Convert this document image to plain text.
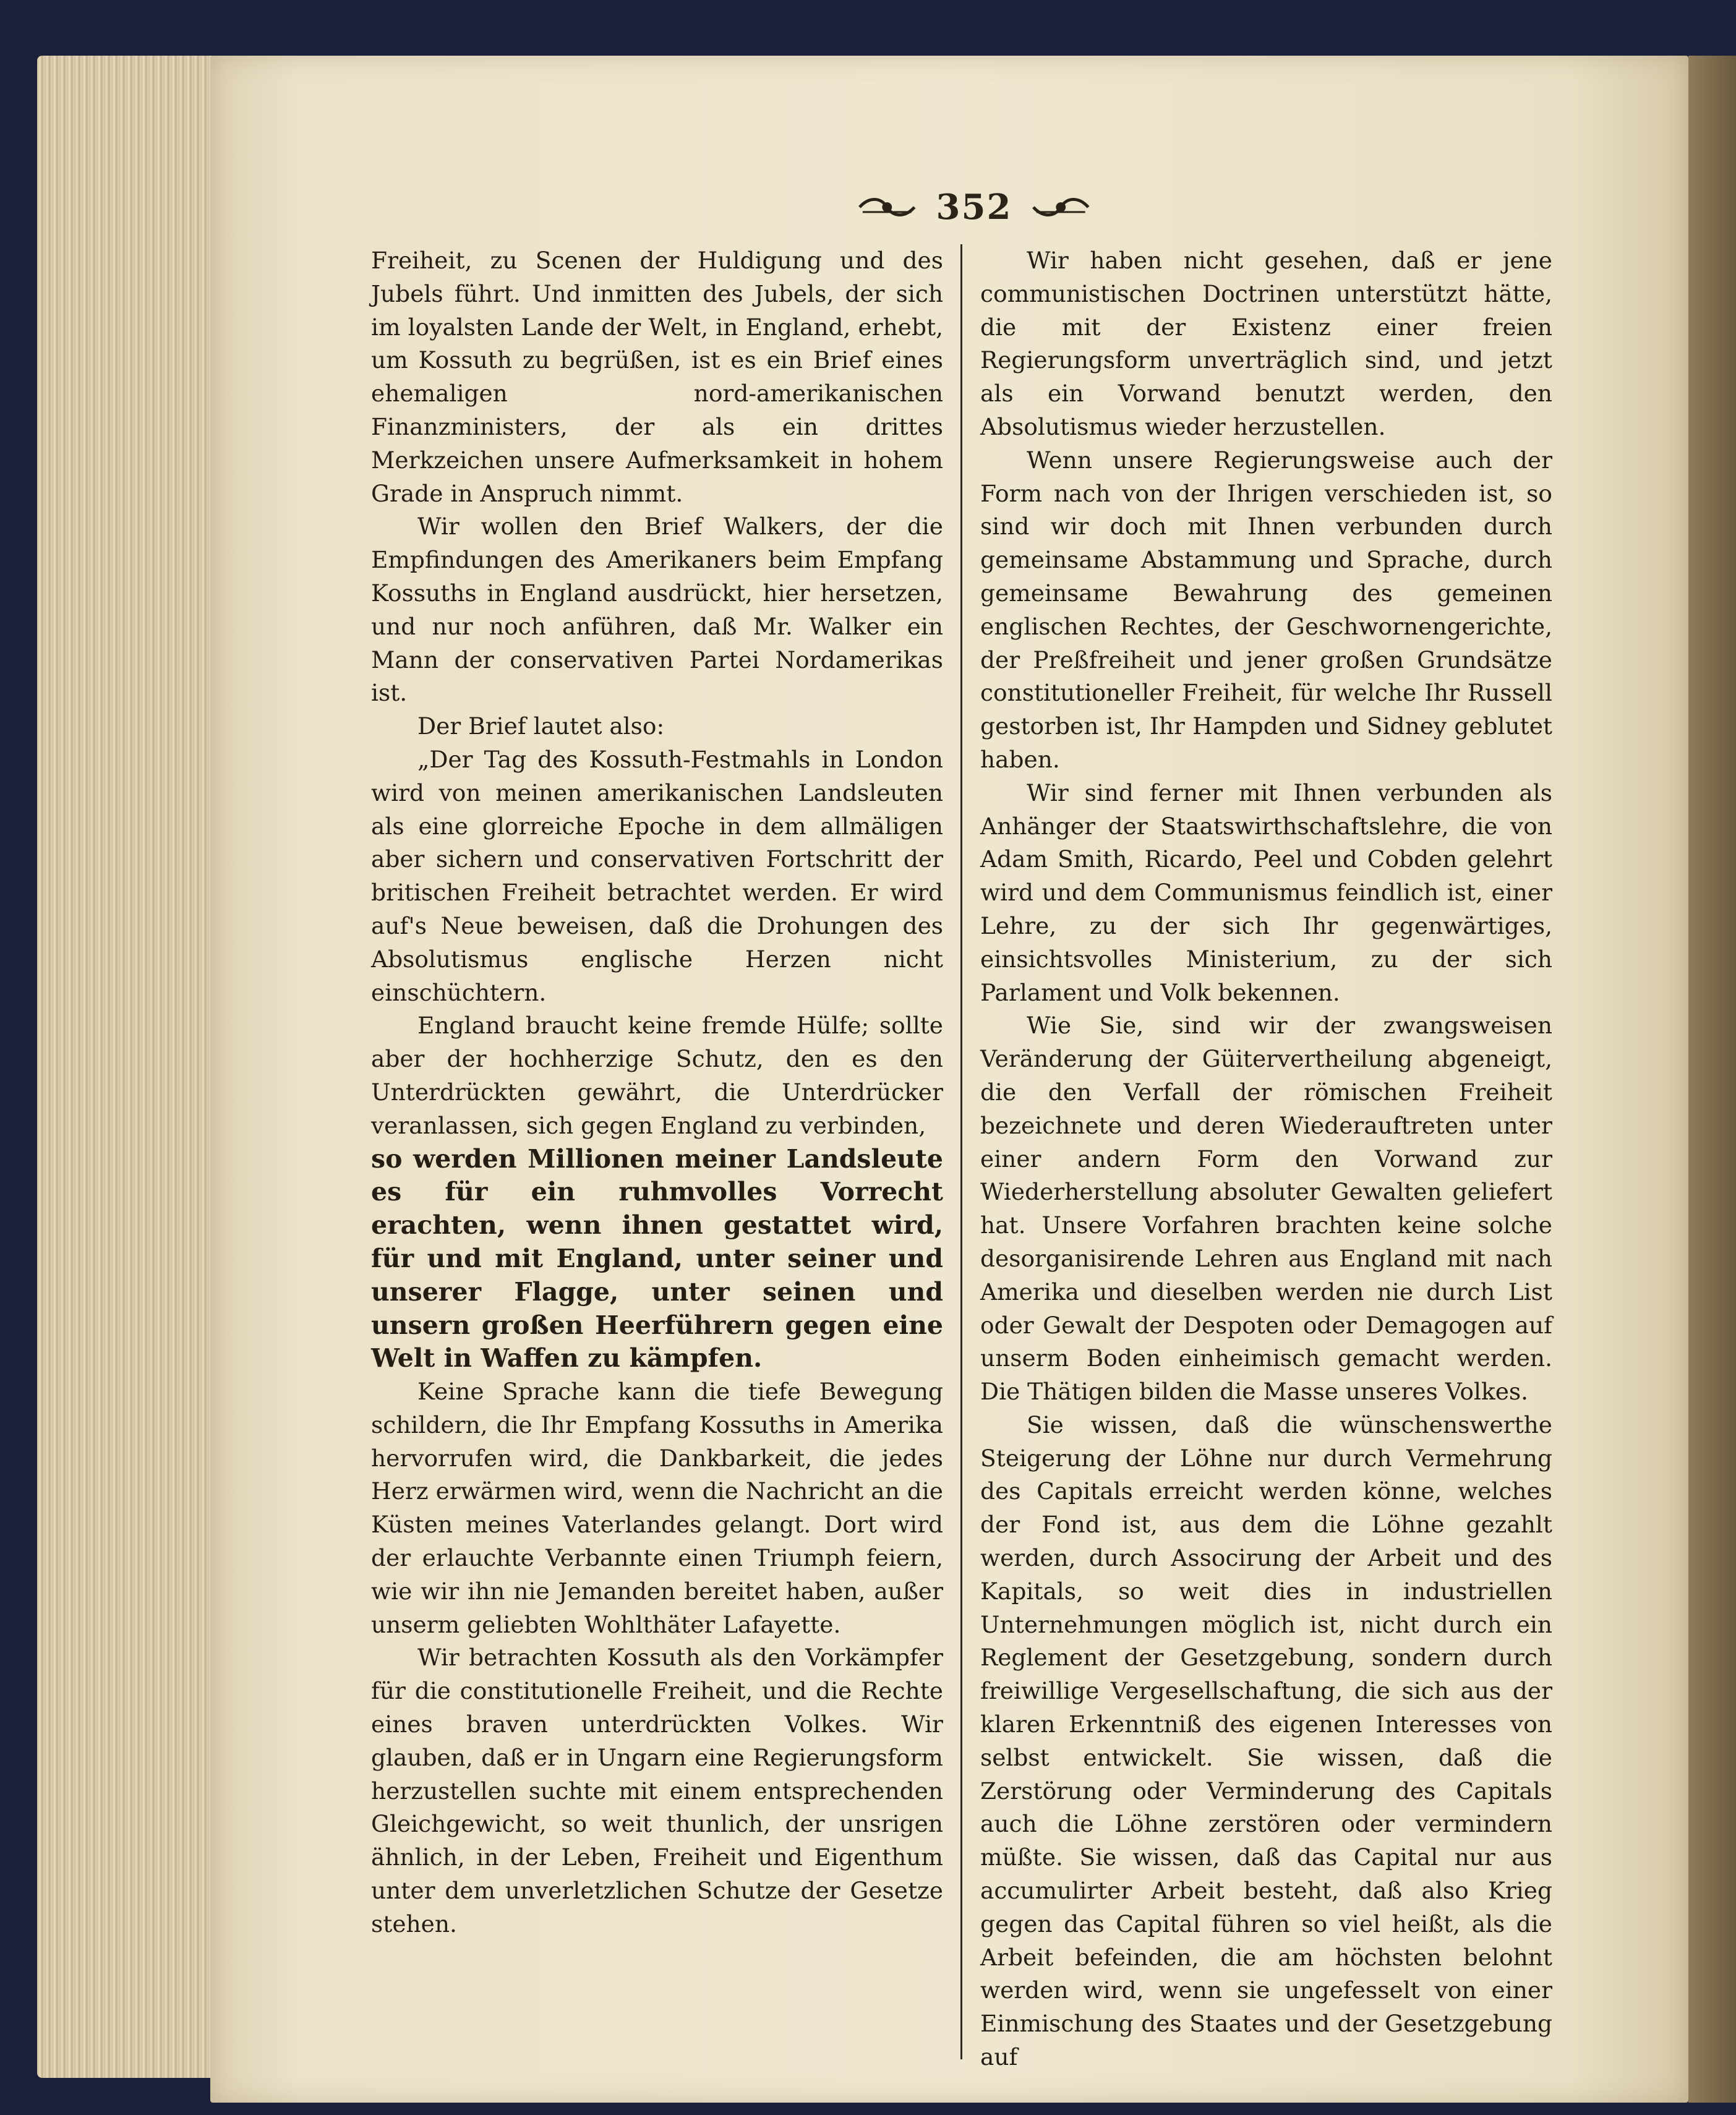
352

Freiheit, zu Scenen der Huldigung und des Jubels führt. Und inmitten des Jubels, der sich im loyalsten Lande der Welt, in England, erhebt, um Kossuth zu begrüßen, ist es ein Brief eines ehemaligen nord-amerikanischen Finanzministers, der als ein drittes Merkzeichen unsere Aufmerksamkeit in hohem Grade in Anspruch nimmt.

Wir wollen den Brief Walkers, der die Empfindungen des Amerikaners beim Empfang Kossuths in England ausdrückt, hier hersetzen, und nur noch anführen, daß Mr. Walker ein Mann der conservativen Partei Nordamerikas ist.

Der Brief lautet also:

„Der Tag des Kossuth-Festmahls in London wird von meinen amerikanischen Landsleuten als eine glorreiche Epoche in dem allmäligen aber sichern und conservativen Fortschritt der britischen Freiheit betrachtet werden. Er wird auf's Neue beweisen, daß die Drohungen des Absolutismus englische Herzen nicht einschüchtern.

England braucht keine fremde Hülfe; sollte aber der hochherzige Schutz, den es den Unterdrückten gewährt, die Unterdrücker veranlassen, sich gegen England zu verbinden,

so werden Millionen meiner Landsleute es für ein ruhmvolles Vorrecht erachten, wenn ihnen gestattet wird, für und mit England, unter seiner und unserer Flagge, unter seinen und unsern großen Heerführern gegen eine Welt in Waffen zu kämpfen.

Keine Sprache kann die tiefe Bewegung schildern, die Ihr Empfang Kossuths in Amerika hervorrufen wird, die Dankbarkeit, die jedes Herz erwärmen wird, wenn die Nachricht an die Küsten meines Vaterlandes gelangt. Dort wird der erlauchte Verbannte einen Triumph feiern, wie wir ihn nie Jemanden bereitet haben, außer unserm geliebten Wohlthäter Lafayette.

Wir betrachten Kossuth als den Vorkämpfer für die constitutionelle Freiheit, und die Rechte eines braven unterdrückten Volkes. Wir glauben, daß er in Ungarn eine Regierungsform herzustellen suchte mit einem entsprechenden Gleichgewicht, so weit thunlich, der unsrigen ähnlich, in der Leben, Freiheit und Eigenthum unter dem unverletzlichen Schutze der Gesetze stehen.

Wir haben nicht gesehen, daß er jene communistischen Doctrinen unterstützt hätte, die mit der Existenz einer freien Regierungsform unverträglich sind, und jetzt als ein Vorwand benutzt werden, den Absolutismus wieder herzustellen.

Wenn unsere Regierungsweise auch der Form nach von der Ihrigen verschieden ist, so sind wir doch mit Ihnen verbunden durch gemeinsame Abstammung und Sprache, durch gemeinsame Bewahrung des gemeinen englischen Rechtes, der Geschwornengerichte, der Preßfreiheit und jener großen Grundsätze constitutioneller Freiheit, für welche Ihr Russell gestorben ist, Ihr Hampden und Sidney geblutet haben.

Wir sind ferner mit Ihnen verbunden als Anhänger der Staatswirthschaftslehre, die von Adam Smith, Ricardo, Peel und Cobden gelehrt wird und dem Communismus feindlich ist, einer Lehre, zu der sich Ihr gegenwärtiges, einsichtsvolles Ministerium, zu der sich Parlament und Volk bekennen.

Wie Sie, sind wir der zwangsweisen Veränderung der Güitervertheilung abgeneigt, die den Verfall der römischen Freiheit bezeichnete und deren Wiederauftreten unter einer andern Form den Vorwand zur Wiederherstellung absoluter Gewalten geliefert hat. Unsere Vorfahren brachten keine solche desorganisirende Lehren aus England mit nach Amerika und dieselben werden nie durch List oder Gewalt der Despoten oder Demagogen auf unserm Boden einheimisch gemacht werden. Die Thätigen bilden die Masse unseres Volkes.

Sie wissen, daß die wünschenswerthe Steigerung der Löhne nur durch Vermehrung des Capitals erreicht werden könne, welches der Fond ist, aus dem die Löhne gezahlt werden, durch Associrung der Arbeit und des Kapitals, so weit dies in industriellen Unternehmungen möglich ist, nicht durch ein Reglement der Gesetzgebung, sondern durch freiwillige Vergesellschaftung, die sich aus der klaren Erkenntniß des eigenen Interesses von selbst entwickelt. Sie wissen, daß die Zerstörung oder Verminderung des Capitals auch die Löhne zerstören oder vermindern müßte. Sie wissen, daß das Capital nur aus accumulirter Arbeit besteht, daß also Krieg gegen das Capital führen so viel heißt, als die Arbeit befeinden, die am höchsten belohnt werden wird, wenn sie ungefesselt von einer Einmischung des Staates und der Gesetzgebung auf
